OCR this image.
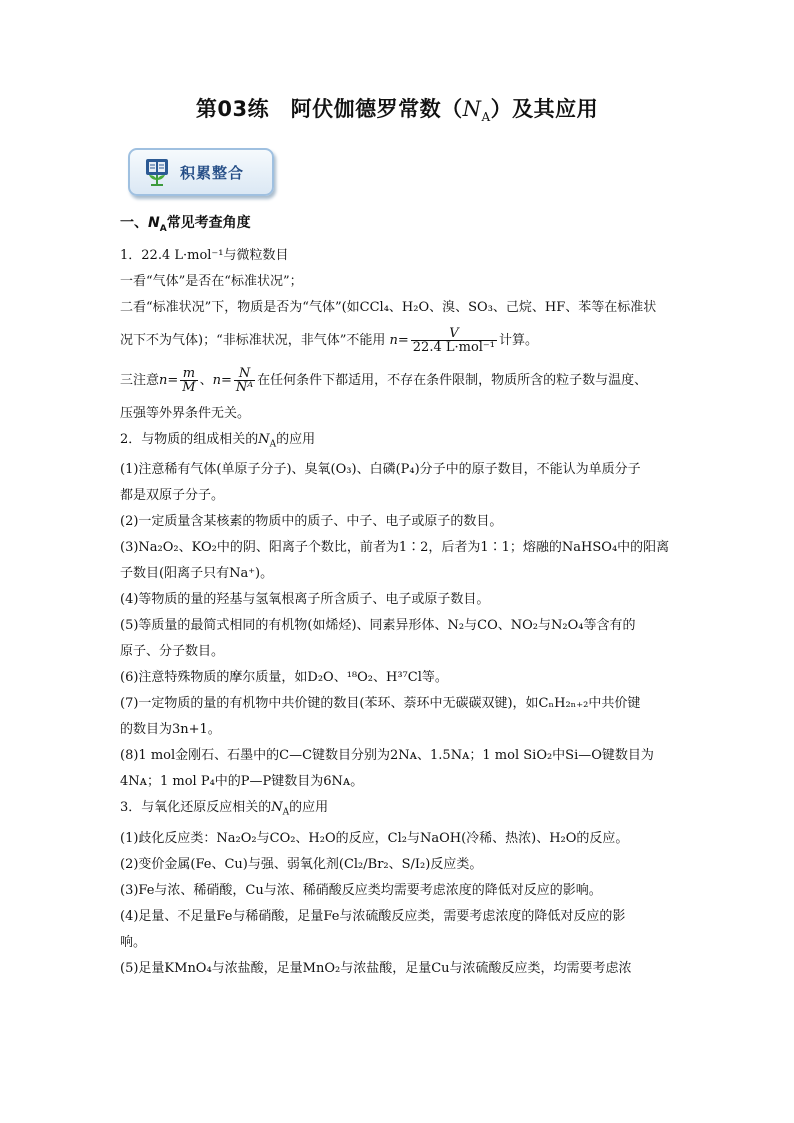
第03练　阿伏伽德罗常数$(N_A)$及其应用
积累整合
一、$N_A$常见考查角度
1．22.4 L·mol⁻¹与微粒数目
一看“气体”是否在“标准状况”；
二看“标准状况”下，物质是否为“气体”(如CCl₄、H₂O、溴、SO₃、己烷、HF、苯等在标准状
况下不为气体)；“非标准状况，非气体”不能用 $n= \frac{V}{\text{22.4 L·mol⁻¹}}$ 计算。
三注意$n= \frac{m}{M}$ 、$n= \frac{N}{\text{Nᴬ}}$ 在任何条件下都适用，不存在条件限制，物质所含的粒子数与温度、
压强等外界条件无关。
2．与物质的组成相关的$N_A$的应用
(1)注意稀有气体(单原子分子)、臭氧(O₃)、白磷(P₄)分子中的原子数目，不能认为单质分子
都是双原子分子。
(2)一定质量含某核素的物质中的质子、中子、电子或原子的数目。
(3)Na₂O₂、KO₂中的阴、阳离子个数比，前者为1∶2，后者为1∶1；熔融的NaHSO₄中的阳离
子数目(阳离子只有Na⁺)。
(4)等物质的量的羟基与氢氧根离子所含质子、电子或原子数目。
(5)等质量的最简式相同的有机物(如烯烃)、同素异形体、N₂与CO、NO₂与N₂O₄等含有的
原子、分子数目。
(6)注意特殊物质的摩尔质量，如D₂O、¹⁸O₂、H³⁷Cl等。
(7)一定物质的量的有机物中共价键的数目(苯环、萘环中无碳碳双键)，如CₙH₂ₙ₊₂中共价键
的数目为3n+1。
(8)1 mol金刚石、石墨中的C—C键数目分别为2Nᴀ、1.5Nᴀ；1 mol SiO₂中Si—O键数目为
4Nᴀ；1 mol P₄中的P—P键数目为6Nᴀ。
3．与氧化还原反应相关的$N_A$的应用
(1)歧化反应类：Na₂O₂与CO₂、H₂O的反应，Cl₂与NaOH(冷稀、热浓)、H₂O的反应。
(2)变价金属(Fe、Cu)与强、弱氧化剂(Cl₂/Br₂、S/I₂)反应类。
(3)Fe与浓、稀硝酸，Cu与浓、稀硝酸反应类均需要考虑浓度的降低对反应的影响。
(4)足量、不足量Fe与稀硝酸，足量Fe与浓硫酸反应类，需要考虑浓度的降低对反应的影
响。
(5)足量KMnO₄与浓盐酸，足量MnO₂与浓盐酸，足量Cu与浓硫酸反应类，均需要考虑浓
